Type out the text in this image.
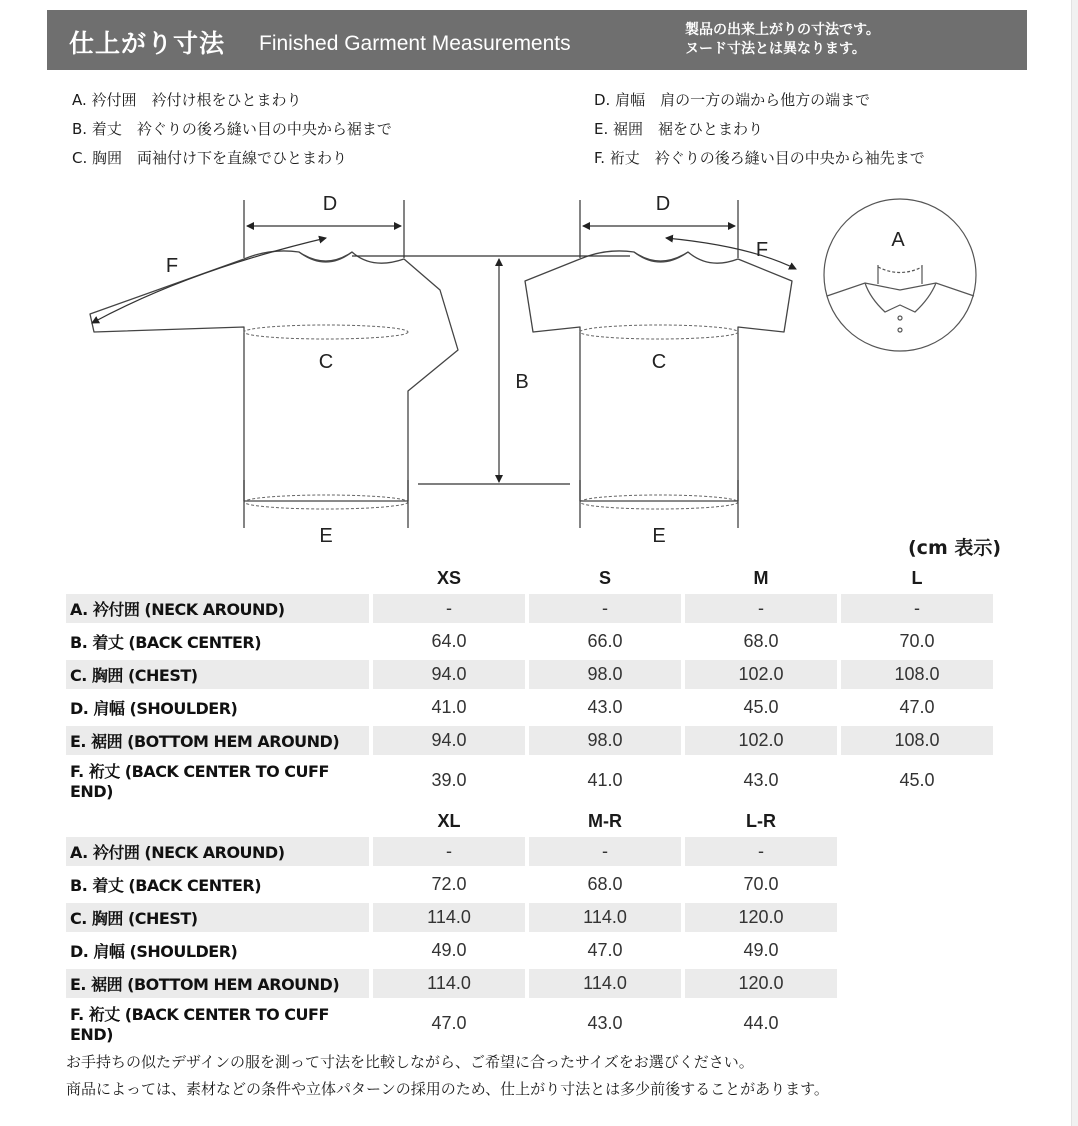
仕上がり寸法 Finished Garment Measurements
製品の出来上がりの寸法です。
ヌード寸法とは異なります。
A. 衿付囲　衿付け根をひとまわり
B. 着丈　衿ぐりの後ろ縫い目の中央から裾まで
C. 胸囲　両袖付け下を直線でひとまわり
D. 肩幅　肩の一方の端から他方の端まで
E. 裾囲　裾をひとまわり
F. 裄丈　衿ぐりの後ろ縫い目の中央から袖先まで
D	D
F
F
C	C
B
E	E
A
(cm 表示)
	XS	S	M	L
A. 衿付囲 (NECK AROUND)	-	-	-	-
B. 着丈 (BACK CENTER)	64.0	66.0	68.0	70.0
C. 胸囲 (CHEST)	94.0	98.0	102.0	108.0
D. 肩幅 (SHOULDER)	41.0	43.0	45.0	47.0
E. 裾囲 (BOTTOM HEM AROUND)	94.0	98.0	102.0	108.0
F. 裄丈 (BACK CENTER TO CUFF END)	39.0	41.0	43.0	45.0
	XL	M-R	L-R
A. 衿付囲 (NECK AROUND)	-	-	-
B. 着丈 (BACK CENTER)	72.0	68.0	70.0
C. 胸囲 (CHEST)	114.0	114.0	120.0
D. 肩幅 (SHOULDER)	49.0	47.0	49.0
E. 裾囲 (BOTTOM HEM AROUND)	114.0	114.0	120.0
F. 裄丈 (BACK CENTER TO CUFF END)	47.0	43.0	44.0
お手持ちの似たデザインの服を測って寸法を比較しながら、ご希望に合ったサイズをお選びください。
商品によっては、素材などの条件や立体パターンの採用のため、仕上がり寸法とは多少前後することがあります。
